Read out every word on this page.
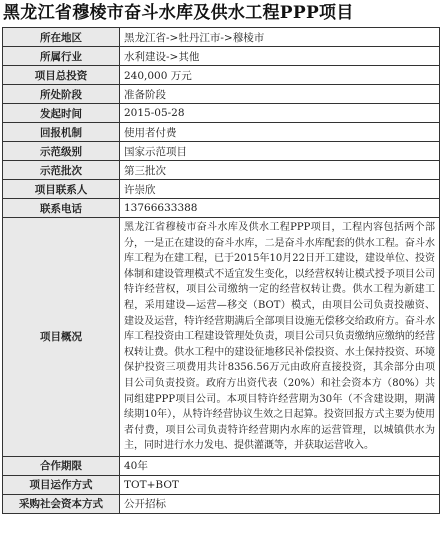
黑龙江省穆棱市奋斗水库及供水工程PPP项目
所在地区	黑龙江省->牡丹江市->穆棱市
所属行业	水利建设->其他
项目总投资	240,000 万元
所处阶段	准备阶段
发起时间	2015-05-28
回报机制	使用者付费
示范级别	国家示范项目
示范批次	第三批次
项目联系人	许崇欣
联系电话	13766633388
项目概况	黑龙江省穆棱市奋斗水库及供水工程PPP项目，工程内容包括两个部分，一是正在建设的奋斗水库，二是奋斗水库配套的供水工程。奋斗水库工程为在建工程，已于2015年10月22日开工建设，建设单位、投资体制和建设管理模式不适宜发生变化，以经营权转让模式授予项目公司特许经营权，项目公司缴纳一定的经营权转让费。供水工程为新建工程，采用建设—运营—移交（BOT）模式，由项目公司负责投融资、建设及运营，特许经营期满后全部项目设施无偿移交给政府方。奋斗水库工程投资由工程建设管理处负责，项目公司只负责缴纳应缴纳的经营权转让费。供水工程中的建设征地移民补偿投资、水土保持投资、环境保护投资三项费用共计8356.56万元由政府直接投资，其余部分由项目公司负责投资。政府方出资代表（20%）和社会资本方（80%）共同组建PPP项目公司。本项目特许经营期为30年（不含建设期，期满续期10年），从特许经营协议生效之日起算。投资回报方式主要为使用者付费，项目公司负责特许经营期内水库的运营管理，以城镇供水为主，同时进行水力发电、提供灌溉等，并获取运营收入。
合作期限	40年
项目运作方式	TOT+BOT
采购社会资本方式	公开招标
